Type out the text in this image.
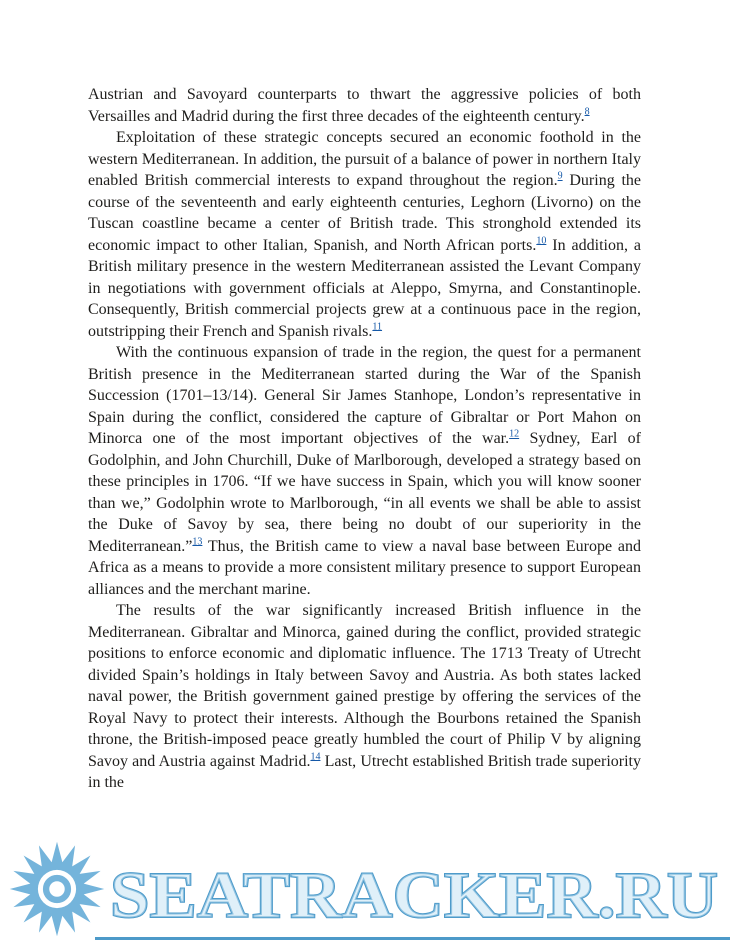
Austrian and Savoyard counterparts to thwart the aggressive policies of both Versailles and Madrid during the first three decades of the eighteenth century.$^8$

Exploitation of these strategic concepts secured an economic foothold in the western Mediterranean. In addition, the pursuit of a balance of power in northern Italy enabled British commercial interests to expand throughout the region.$^9$ During the course of the seventeenth and early eighteenth centuries, Leghorn (Livorno) on the Tuscan coastline became a center of British trade. This stronghold extended its economic impact to other Italian, Spanish, and North African ports.$^{10}$ In addition, a British military presence in the western Mediterranean assisted the Levant Company in negotiations with government officials at Aleppo, Smyrna, and Constantinople. Consequently, British commercial projects grew at a continuous pace in the region, outstripping their French and Spanish rivals.$^{11}$

With the continuous expansion of trade in the region, the quest for a permanent British presence in the Mediterranean started during the War of the Spanish Succession (1701–13/14). General Sir James Stanhope, London’s representative in Spain during the conflict, considered the capture of Gibraltar or Port Mahon on Minorca one of the most important objectives of the war.$^{12}$ Sydney, Earl of Godolphin, and John Churchill, Duke of Marlborough, developed a strategy based on these principles in 1706. “If we have success in Spain, which you will know sooner than we,” Godolphin wrote to Marlborough, “in all events we shall be able to assist the Duke of Savoy by sea, there being no doubt of our superiority in the Mediterranean.”$^{13}$ Thus, the British came to view a naval base between Europe and Africa as a means to provide a more consistent military presence to support European alliances and the merchant marine.

The results of the war significantly increased British influence in the Mediterranean. Gibraltar and Minorca, gained during the conflict, provided strategic positions to enforce economic and diplomatic influence. The 1713 Treaty of Utrecht divided Spain’s holdings in Italy between Savoy and Austria. As both states lacked naval power, the British government gained prestige by offering the services of the Royal Navy to protect their interests. Although the Bourbons retained the Spanish throne, the British-imposed peace greatly humbled the court of Philip V by aligning Savoy and Austria against Madrid.$^{14}$ Last, Utrecht established British trade superiority in the

SEATRACKER.RU
